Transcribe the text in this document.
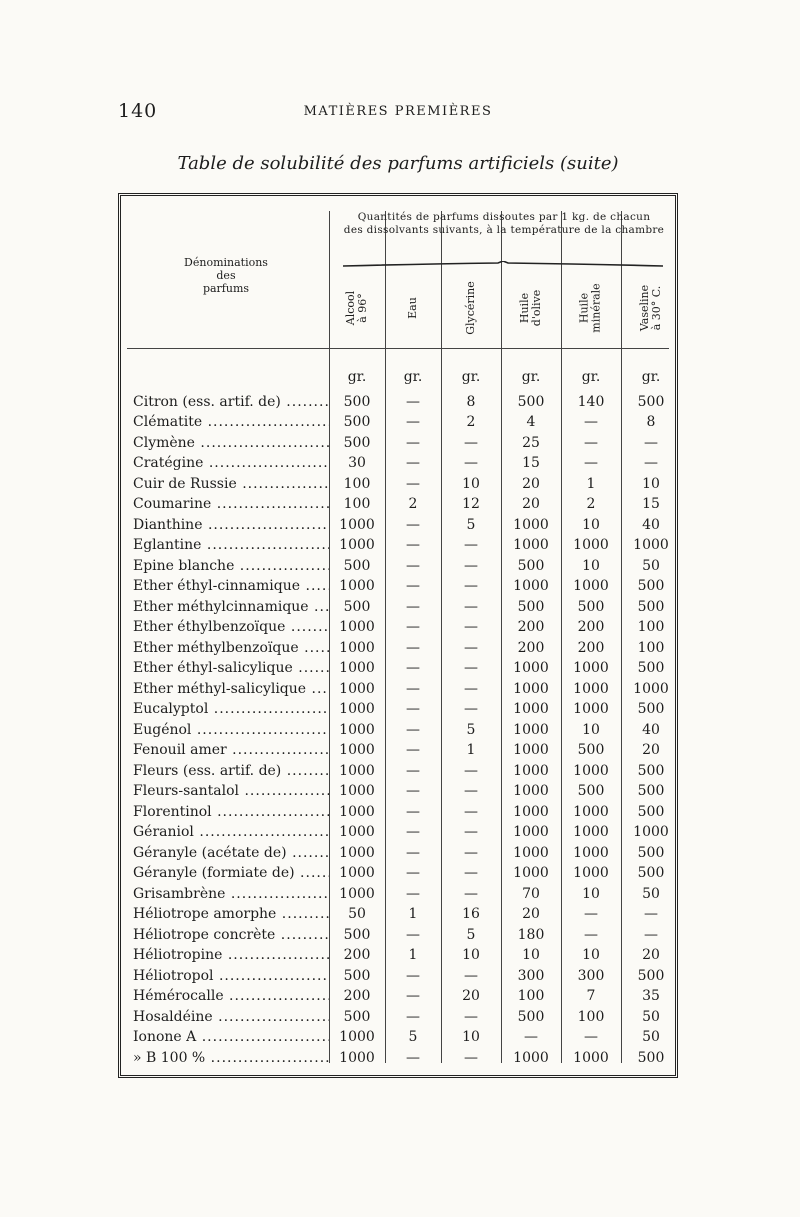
140	MATIÈRES PREMIÈRES
Table de solubilité des parfums artificiels (suite)
Dénominations
des
parfums
Quantités de parfums dissoutes par 1 kg. de chacun
des dissolvants suivants, à la température de la chambre
Alcool à 96°	Eau	Glycérine	Huile d'olive	Huile minérale	Vaseline à 30° C.
gr.	gr.	gr.	gr.	gr.	gr.
Citron (ess. artif. de) .....	500	—	8	500	140	500
Clématite .....	500	—	2	4	—	8
Clymène .....	500	—	—	25	—	—
Cratégine .....	30	—	—	15	—	—
Cuir de Russie .....	100	—	10	20	1	10
Coumarine .....	100	2	12	20	2	15
Dianthine .....	1000	—	5	1000	10	40
Eglantine .....	1000	—	—	1000	1000	1000
Epine blanche .....	500	—	—	500	10	50
Ether éthyl-cinnamique .....	1000	—	—	1000	1000	500
Ether méthylcinnamique .....	500	—	—	500	500	500
Ether éthylbenzoïque .....	1000	—	—	200	200	100
Ether méthylbenzoïque .....	1000	—	—	200	200	100
Ether éthyl-salicylique .....	1000	—	—	1000	1000	500
Ether méthyl-salicylique .....	1000	—	—	1000	1000	1000
Eucalyptol .....	1000	—	—	1000	1000	500
Eugénol .....	1000	—	5	1000	10	40
Fenouil amer .....	1000	—	1	1000	500	20
Fleurs (ess. artif. de) .....	1000	—	—	1000	1000	500
Fleurs-santalol .....	1000	—	—	1000	500	500
Florentinol .....	1000	—	—	1000	1000	500
Géraniol .....	1000	—	—	1000	1000	1000
Géranyle (acétate de) .....	1000	—	—	1000	1000	500
Géranyle (formiate de) .....	1000	—	—	1000	1000	500
Grisambrène .....	1000	—	—	70	10	50
Héliotrope amorphe .....	50	1	16	20	—	—
Héliotrope concrète .....	500	—	5	180	—	—
Héliotropine .....	200	1	10	10	10	20
Héliotropol .....	500	—	—	300	300	500
Hémérocalle .....	200	—	20	100	7	35
Hosaldéine .....	500	—	—	500	100	50
Ionone A .....	1000	5	10	—	—	50
» B 100 % .....	1000	—	—	1000	1000	500
